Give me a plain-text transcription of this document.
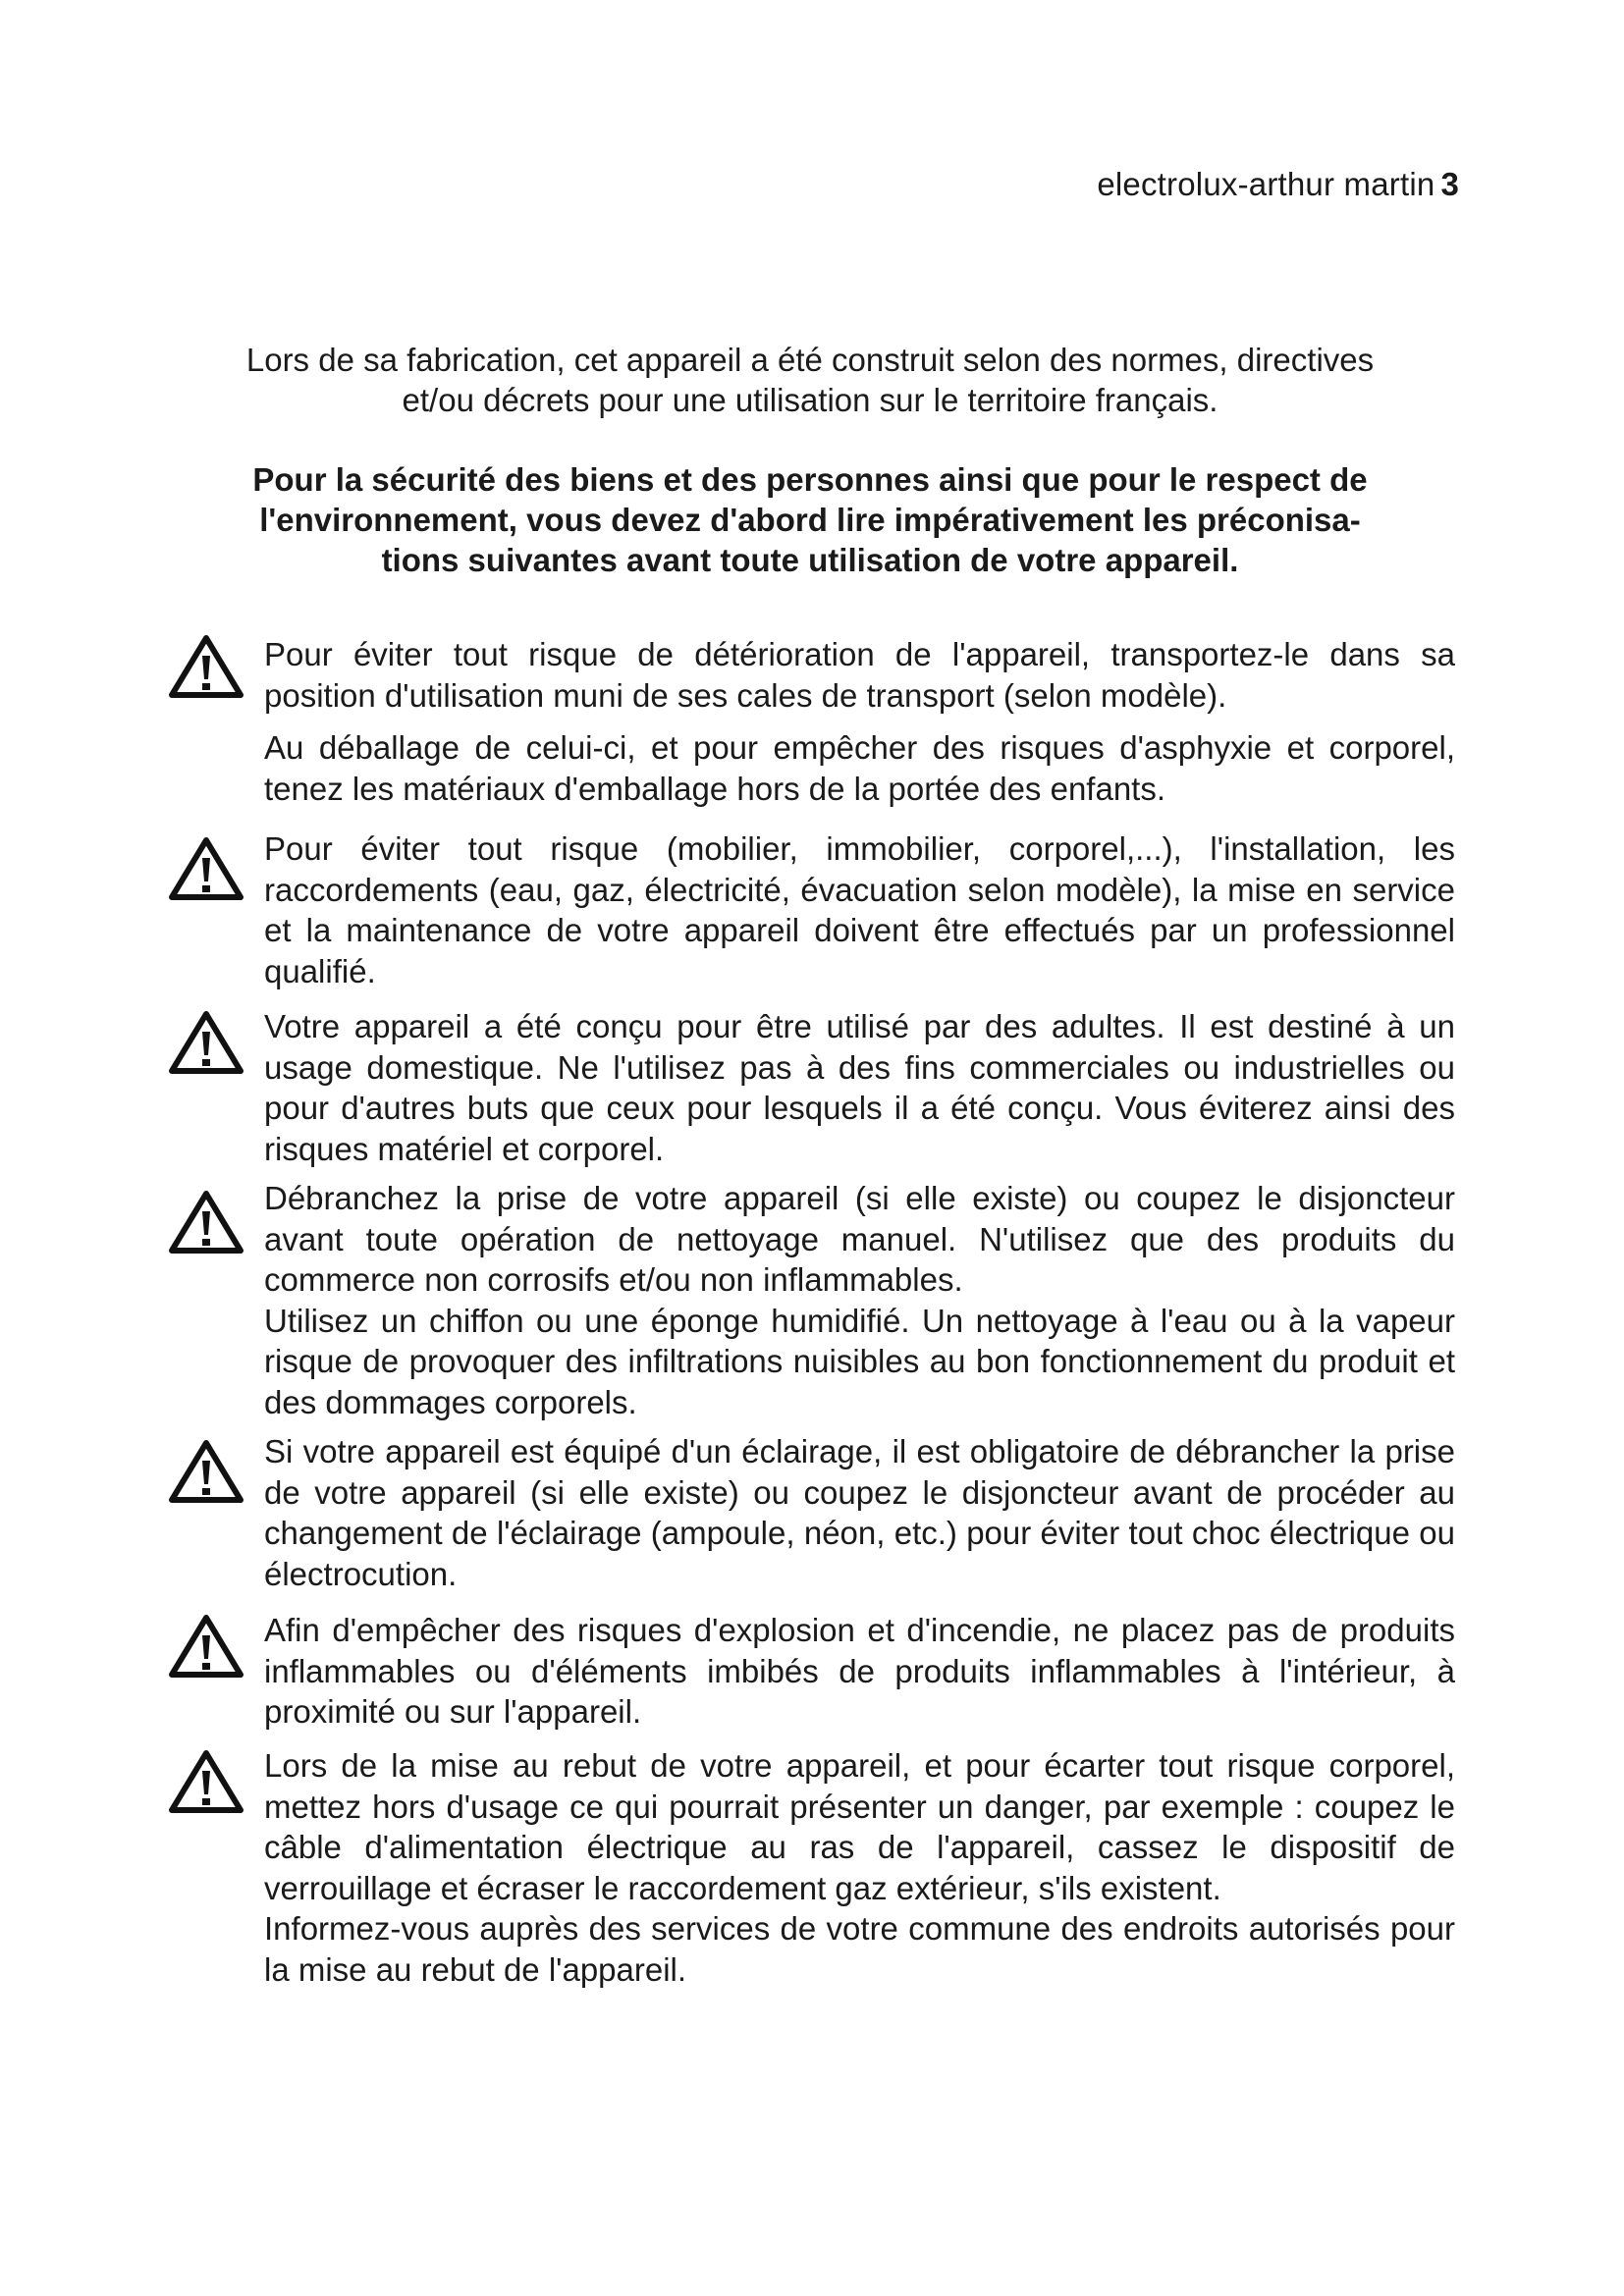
electrolux-arthur martin 3
Lors de sa fabrication, cet appareil a été construit selon des normes, directives
et/ou décrets pour une utilisation sur le territoire français.
Pour la sécurité des biens et des personnes ainsi que pour le respect de
l'environnement, vous devez d'abord lire impérativement les préconisa-
tions suivantes avant toute utilisation de votre appareil.

Pour éviter tout risque de détérioration de l'appareil, transportez-le dans sa position d'utilisation muni de ses cales de transport (selon modèle).

Au déballage de celui-ci, et pour empêcher des risques d'asphyxie et corporel, tenez les matériaux d'emballage hors de la portée des enfants.

Pour éviter tout risque (mobilier, immobilier, corporel,...), l'installation, les raccordements (eau, gaz, électricité, évacuation selon modèle), la mise en service et la maintenance de votre appareil doivent être effectués par un professionnel qualifié.

Votre appareil a été conçu pour être utilisé par des adultes. Il est destiné à un usage domestique. Ne l'utilisez pas à des fins commerciales ou industrielles ou pour d'autres buts que ceux pour lesquels il a été conçu. Vous éviterez ainsi des risques matériel et corporel.

Débranchez la prise de votre appareil (si elle existe) ou coupez le disjoncteur avant toute opération de nettoyage manuel. N'utilisez que des produits du commerce non corrosifs et/ou non inflammables.

Utilisez un chiffon ou une éponge humidifié. Un nettoyage à l'eau ou à la vapeur risque de provoquer des infiltrations nuisibles au bon fonctionnement du produit et des dommages corporels.

Si votre appareil est équipé d'un éclairage, il est obligatoire de débrancher la prise de votre appareil (si elle existe) ou coupez le disjoncteur avant de procéder au changement de l'éclairage (ampoule, néon, etc.) pour éviter tout choc électrique ou électrocution.

Afin d'empêcher des risques d'explosion et d'incendie, ne placez pas de produits inflammables ou d'éléments imbibés de produits inflammables à l'intérieur, à proximité ou sur l'appareil.

Lors de la mise au rebut de votre appareil, et pour écarter tout risque corporel, mettez hors d'usage ce qui pourrait présenter un danger, par exemple : coupez le câble d'alimentation électrique au ras de l'appareil, cassez le dispositif de verrouillage et écraser le raccordement gaz extérieur, s'ils existent.

Informez-vous auprès des services de votre commune des endroits autorisés pour la mise au rebut de l'appareil.
